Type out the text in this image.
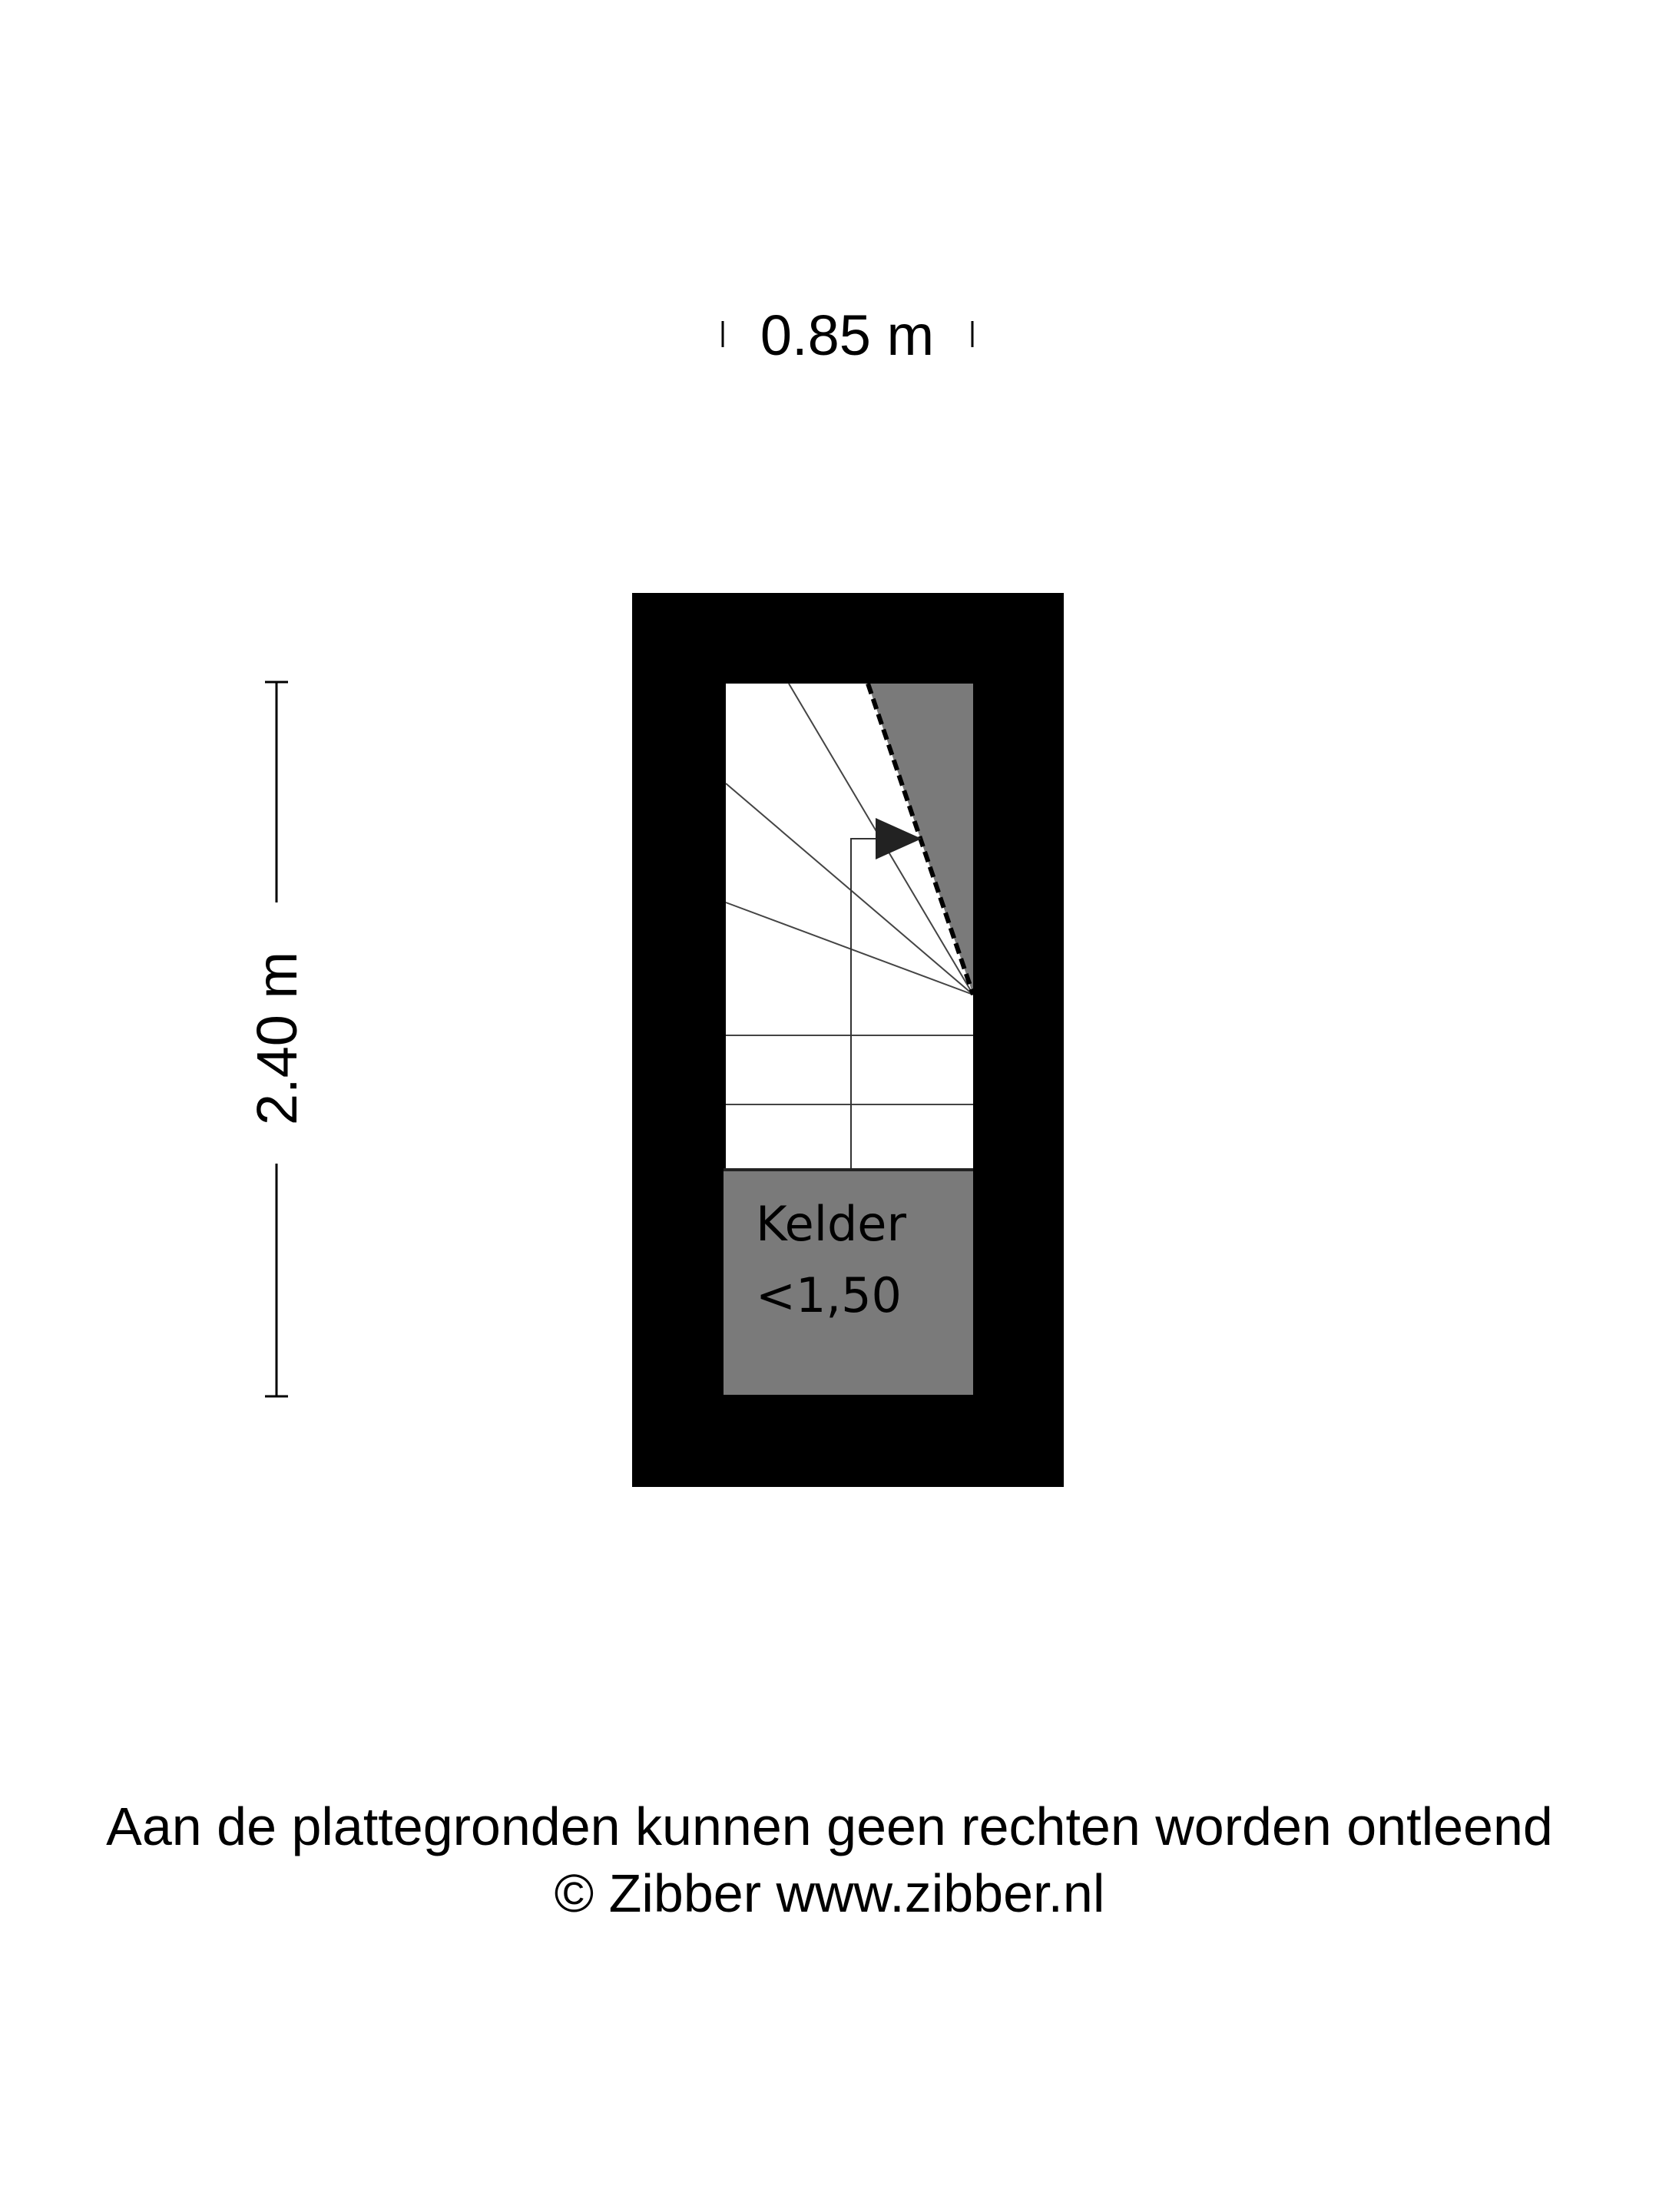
0.85 m
2.40 m
Kelder
<1,50
Aan de plattegronden kunnen geen rechten worden ontleend
© Zibber www.zibber.nl
